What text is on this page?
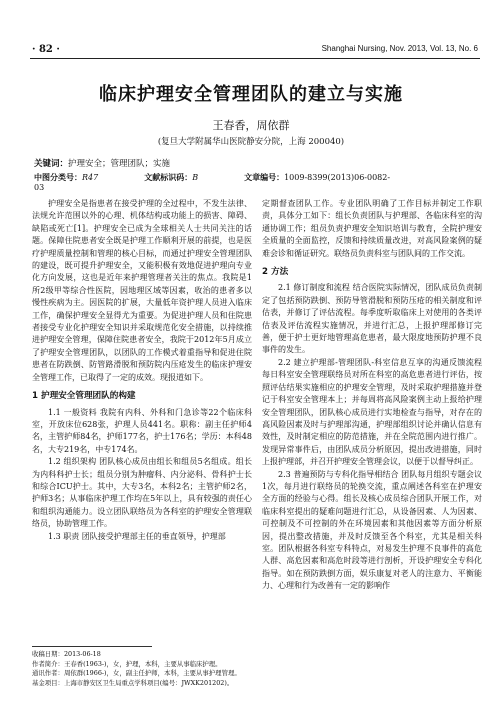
· 82 ·	Shanghai Nursing, Nov. 2013, Vol. 13, No. 6
临床护理安全管理团队的建立与实施
王春香，周依群
(复旦大学附属华山医院静安分院，上海 200040)
关键词：护理安全；管理团队；实施
中图分类号：R47	文献标识码：B	文章编号：1009-8399(2013)06-0082-03

护理安全是指患者在接受护理的全过程中，不发生法律、法规允许范围以外的心理、机体结构或功能上的损害、障碍、缺陷或死亡[1]。护理安全已成为全球相关人士共同关注的话题。保障住院患者安全既是护理工作顺利开展的前提，也是医疗护理质量控制和管理的核心目标，而通过护理安全管理团队的建设，既可提升护理安全，又能积极有效地促进护理向专业化方向发展，这也是近年来护理管理者关注的焦点。我院是1所2级甲等综合性医院，因地理区域等因素，收治的患者多以慢性疾病为主。因医院的扩展，大量低年资护理人员进入临床工作，确保护理安全显得尤为重要。为促进护理人员和住院患者接受专业化护理安全知识并采取规范化安全措施，以持续推进护理安全管理，保障住院患者安全，我院于2012年5月成立了护理安全管理团队，以团队的工作模式着重指导和促进住院患者在防跌倒、防管路滑脱和预防院内压疮发生的临床护理安全管理工作，已取得了一定的成效。现报道如下。

1 护理安全管理团队的构建

1.1 一般资料 我院有内科、外科和门急诊等22个临床科室，开放床位628张，护理人员441名。职称：副主任护师4名，主管护师84名，护师177名，护士176名；学历：本科48名，大专219名，中专174名。

1.2 组织架构 团队核心成员由组长和组员5名组成。组长为内科科护士长；组员分别为肿瘤科、内分泌科、骨科护士长和综合ICU护士。其中，大专3名，本科2名；主管护师2名，护师3名；从事临床护理工作均在5年以上，具有较强的责任心和组织沟通能力。设立团队联络员为各科室的护理安全管理联络员，协助管理工作。

1.3 职责 团队接受护理部主任的垂直领导，护理部

定期督查团队工作。专业团队明确了工作目标并制定工作职责，具体分工如下：组长负责团队与护理部、各临床科室的沟通协调工作；组员负责护理安全知识培训与教育，全院护理安全质量的全面监控，反馈和持续质量改进，对高风险案例的疑难会诊和循证研究。联络员负责科室与团队间的工作交流。

2 方法

2.1 修订制度和流程 结合医院实际情况，团队成员负责制定了包括预防跌倒、预防导管滑脱和预防压疮的相关制度和评估表，并修订了评估流程。每季度听取临床上对使用的各类评估表及评估流程实施情况，并进行汇总，上报护理部修订完善，便于护士更好地管理高危患者，最大限度地预防护理不良事件的发生。

2.2 建立护理部-管理团队-科室信息互享的沟通反馈流程 每日科室安全管理联络员对所在科室的高危患者进行评估，按照评估结果实施相应的护理安全管理，及时采取护理措施并登记于科室安全管理本上；并每周将高风险案例主动上报给护理安全管理团队，团队核心成员进行实地检查与指导，对存在的高风险因素及时与护理部沟通，护理部组织讨论并确认信息有效性，及时制定相应的防范措施，并在全院范围内进行推广。发现异常事件后，由团队成员分析原因，提出改进措施，同时上报护理部，并召开护理安全管理会议，以便于以督导纠正。

2.3 普遍预防与专科化指导相结合 团队每月组织专题会议1次，每月进行联络员的轮换交流，重点阐述各科室在护理安全方面的经验与心得。组长及核心成员综合团队开展工作，对临床科室提出的疑难问题进行汇总，从设备因素、人为因素、可控制及不可控制的外在环境因素和其他因素等方面分析原因，提出整改措施，并及时反馈至各个科室，尤其是相关科室。团队根据各科室专科特点，对易发生护理不良事件的高危人群、高危因素和高危时段等进行剖析，开设护理安全专科化指导。如在预防跌倒方面，娱乐康复对老人的注意力、平衡能力、心理和行为改善有一定的影响作

收稿日期：2013-06-18
作者简介：王春香(1963-)，女，护理，本科，主要从事临床护理。
通讯作者：周依群(1966-)，女，副主任护师，本科，主要从事护理管理。
基金项目：上海市静安区卫生局重点学科项目(编号：JWXK201202)。
